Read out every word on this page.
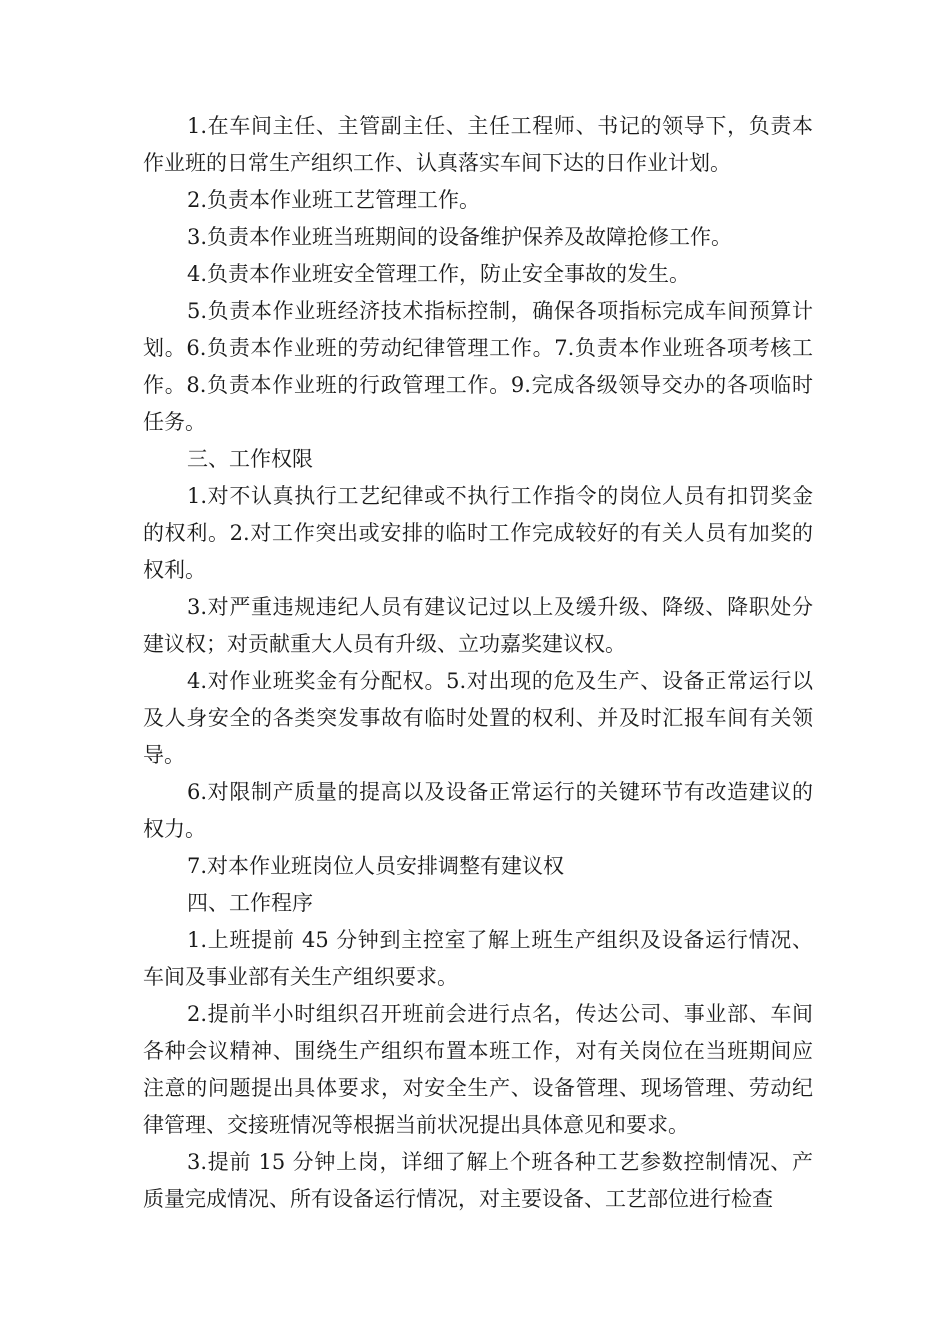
1.在车间主任、主管副主任、主任工程师、书记的领导下，负责本作业班的日常生产组织工作、认真落实车间下达的日作业计划。

2.负责本作业班工艺管理工作。

3.负责本作业班当班期间的设备维护保养及故障抢修工作。

4.负责本作业班安全管理工作，防止安全事故的发生。

5.负责本作业班经济技术指标控制，确保各项指标完成车间预算计划。6.负责本作业班的劳动纪律管理工作。7.负责本作业班各项考核工作。8.负责本作业班的行政管理工作。9.完成各级领导交办的各项临时任务。

三、工作权限

1.对不认真执行工艺纪律或不执行工作指令的岗位人员有扣罚奖金的权利。2.对工作突出或安排的临时工作完成较好的有关人员有加奖的权利。

3.对严重违规违纪人员有建议记过以上及缓升级、降级、降职处分建议权；对贡献重大人员有升级、立功嘉奖建议权。

4.对作业班奖金有分配权。5.对出现的危及生产、设备正常运行以及人身安全的各类突发事故有临时处置的权利、并及时汇报车间有关领导。

6.对限制产质量的提高以及设备正常运行的关键环节有改造建议的权力。

7.对本作业班岗位人员安排调整有建议权

四、工作程序

1.上班提前 45 分钟到主控室了解上班生产组织及设备运行情况、车间及事业部有关生产组织要求。

2.提前半小时组织召开班前会进行点名，传达公司、事业部、车间各种会议精神、围绕生产组织布置本班工作，对有关岗位在当班期间应注意的问题提出具体要求，对安全生产、设备管理、现场管理、劳动纪律管理、交接班情况等根据当前状况提出具体意见和要求。

3.提前 15 分钟上岗，详细了解上个班各种工艺参数控制情况、产质量完成情况、所有设备运行情况，对主要设备、工艺部位进行检查
